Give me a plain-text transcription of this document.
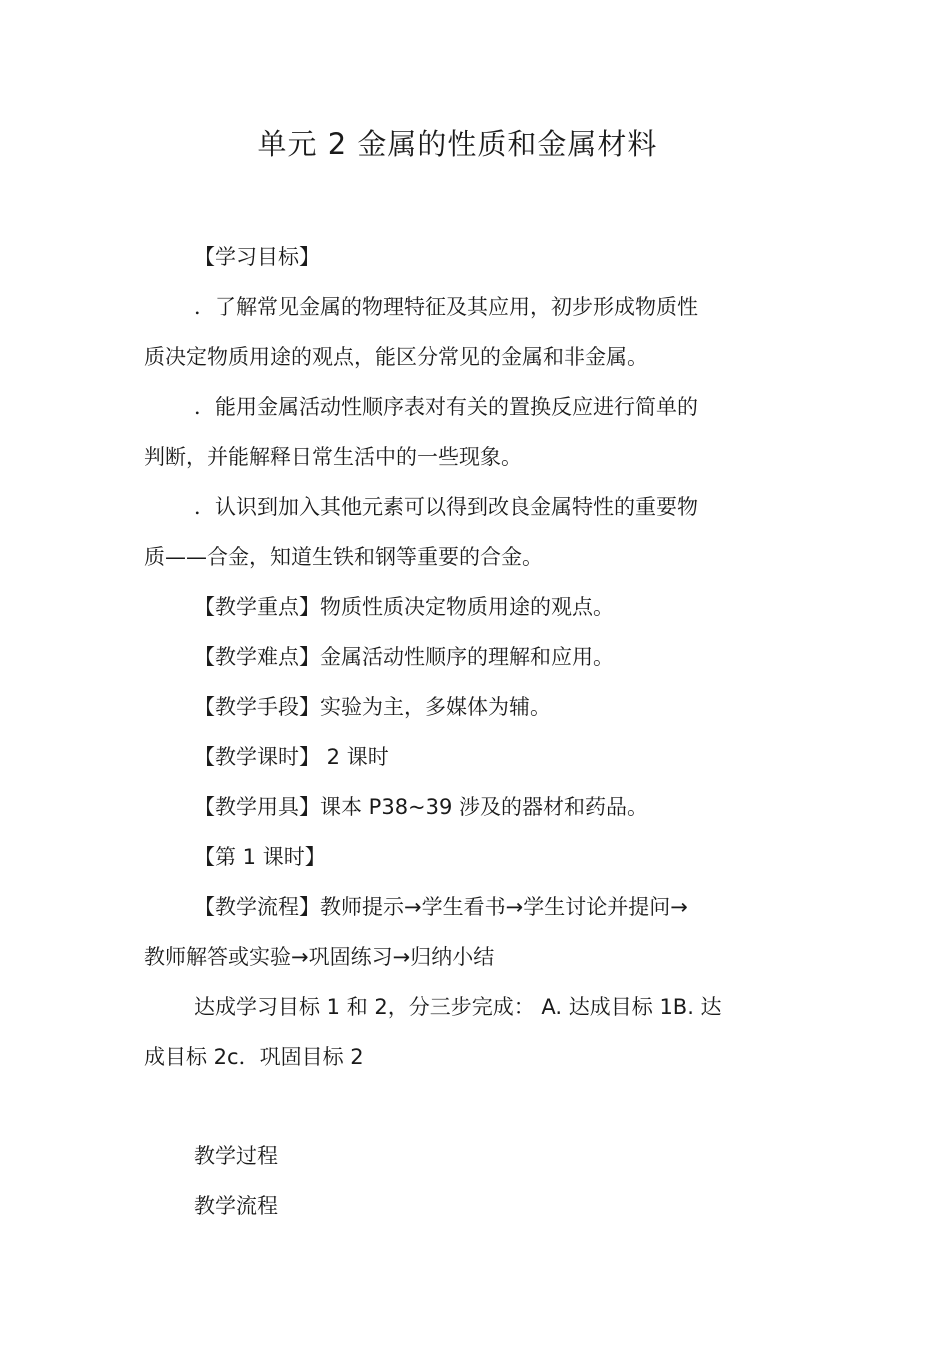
单元 2 金属的性质和金属材料
【学习目标】
．了解常见金属的物理特征及其应用，初步形成物质性
质决定物质用途的观点，能区分常见的金属和非金属。
．能用金属活动性顺序表对有关的置换反应进行简单的
判断，并能解释日常生活中的一些现象。
．认识到加入其他元素可以得到改良金属特性的重要物
质——合金，知道生铁和钢等重要的合金。
【教学重点】物质性质决定物质用途的观点。
【教学难点】金属活动性顺序的理解和应用。
【教学手段】实验为主，多媒体为辅。
【教学课时】 2 课时
【教学用具】课本 P38~39 涉及的器材和药品。
【第 1 课时】
【教学流程】教师提示→学生看书→学生讨论并提问→
教师解答或实验→巩固练习→归纳小结
达成学习目标 1 和 2，分三步完成： A. 达成目标 1B. 达
成目标 2c．巩固目标 2
教学过程
教学流程
